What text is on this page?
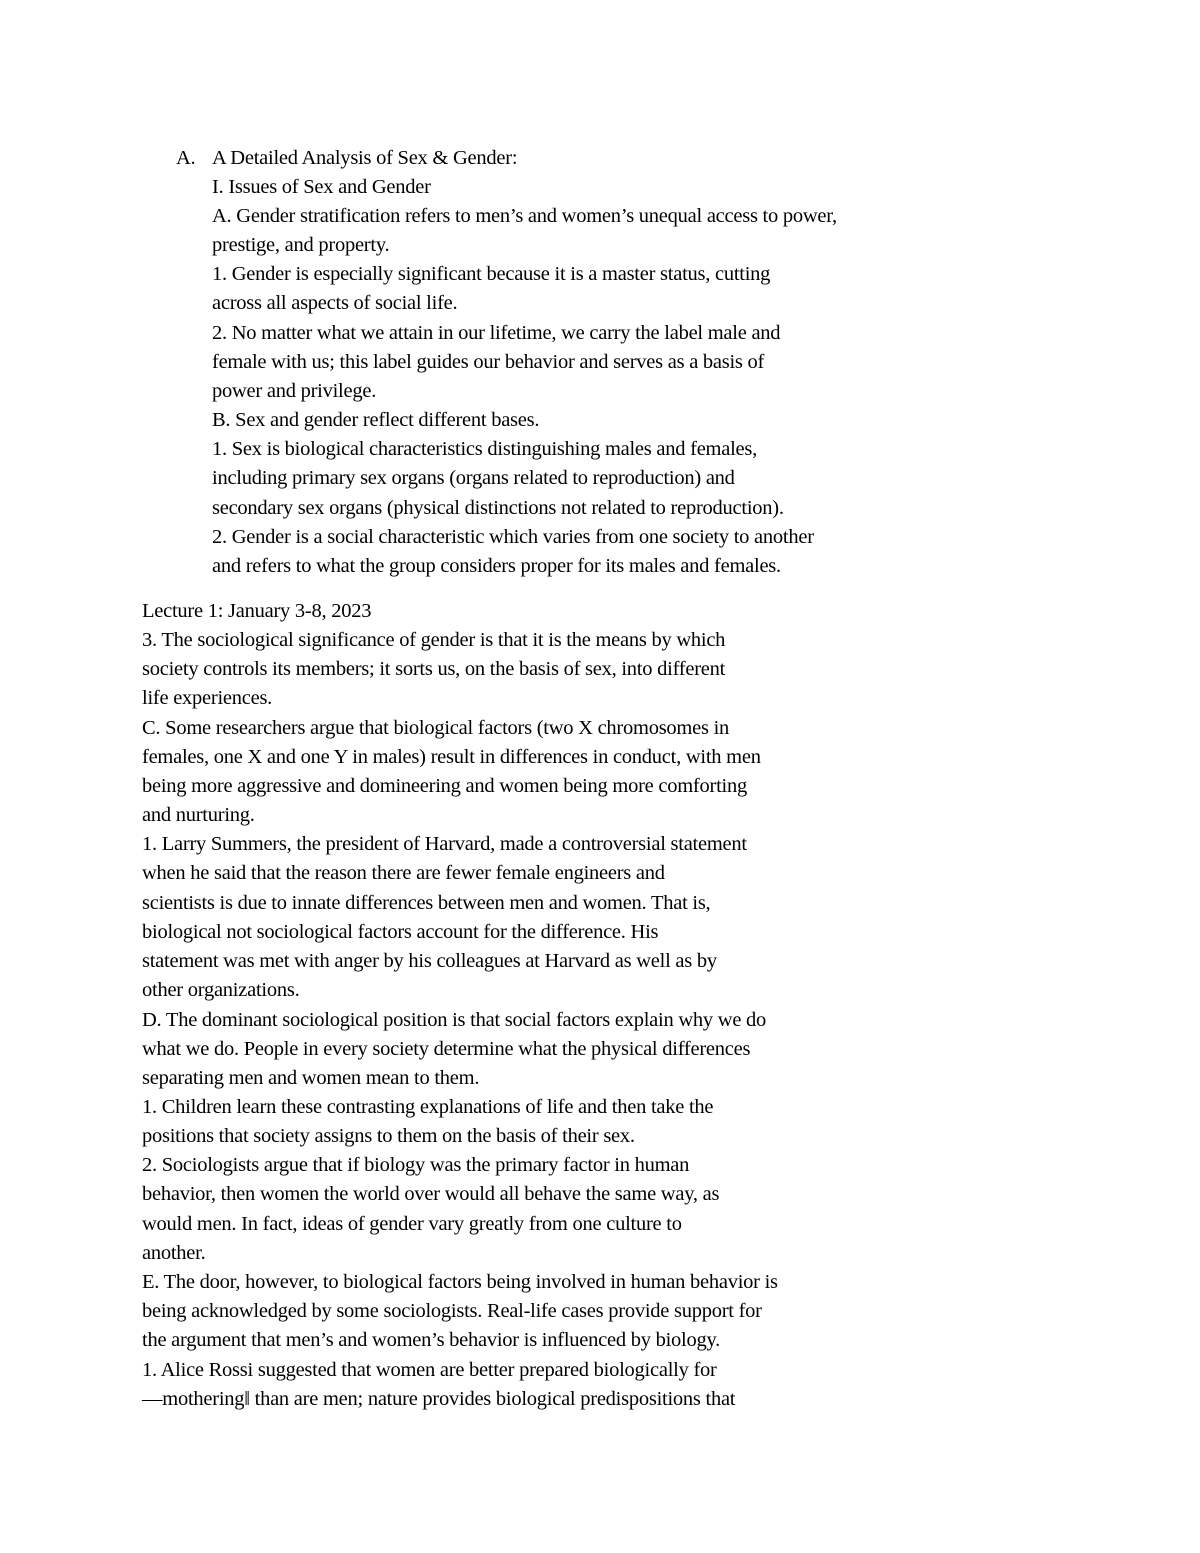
A. A Detailed Analysis of Sex & Gender:
I. Issues of Sex and Gender
A. Gender stratification refers to men’s and women’s unequal access to power,
prestige, and property.
1. Gender is especially significant because it is a master status, cutting
across all aspects of social life.
2. No matter what we attain in our lifetime, we carry the label male and
female with us; this label guides our behavior and serves as a basis of
power and privilege.
B. Sex and gender reflect different bases.
1. Sex is biological characteristics distinguishing males and females,
including primary sex organs (organs related to reproduction) and
secondary sex organs (physical distinctions not related to reproduction).
2. Gender is a social characteristic which varies from one society to another
and refers to what the group considers proper for its males and females.
Lecture 1: January 3-8, 2023
3. The sociological significance of gender is that it is the means by which
society controls its members; it sorts us, on the basis of sex, into different
life experiences.
C. Some researchers argue that biological factors (two X chromosomes in
females, one X and one Y in males) result in differences in conduct, with men
being more aggressive and domineering and women being more comforting
and nurturing.
1. Larry Summers, the president of Harvard, made a controversial statement
when he said that the reason there are fewer female engineers and
scientists is due to innate differences between men and women. That is,
biological not sociological factors account for the difference. His
statement was met with anger by his colleagues at Harvard as well as by
other organizations.
D. The dominant sociological position is that social factors explain why we do
what we do. People in every society determine what the physical differences
separating men and women mean to them.
1. Children learn these contrasting explanations of life and then take the
positions that society assigns to them on the basis of their sex.
2. Sociologists argue that if biology was the primary factor in human
behavior, then women the world over would all behave the same way, as
would men. In fact, ideas of gender vary greatly from one culture to
another.
E. The door, however, to biological factors being involved in human behavior is
being acknowledged by some sociologists. Real-life cases provide support for
the argument that men’s and women’s behavior is influenced by biology.
1. Alice Rossi suggested that women are better prepared biologically for
—mothering‖ than are men; nature provides biological predispositions that
